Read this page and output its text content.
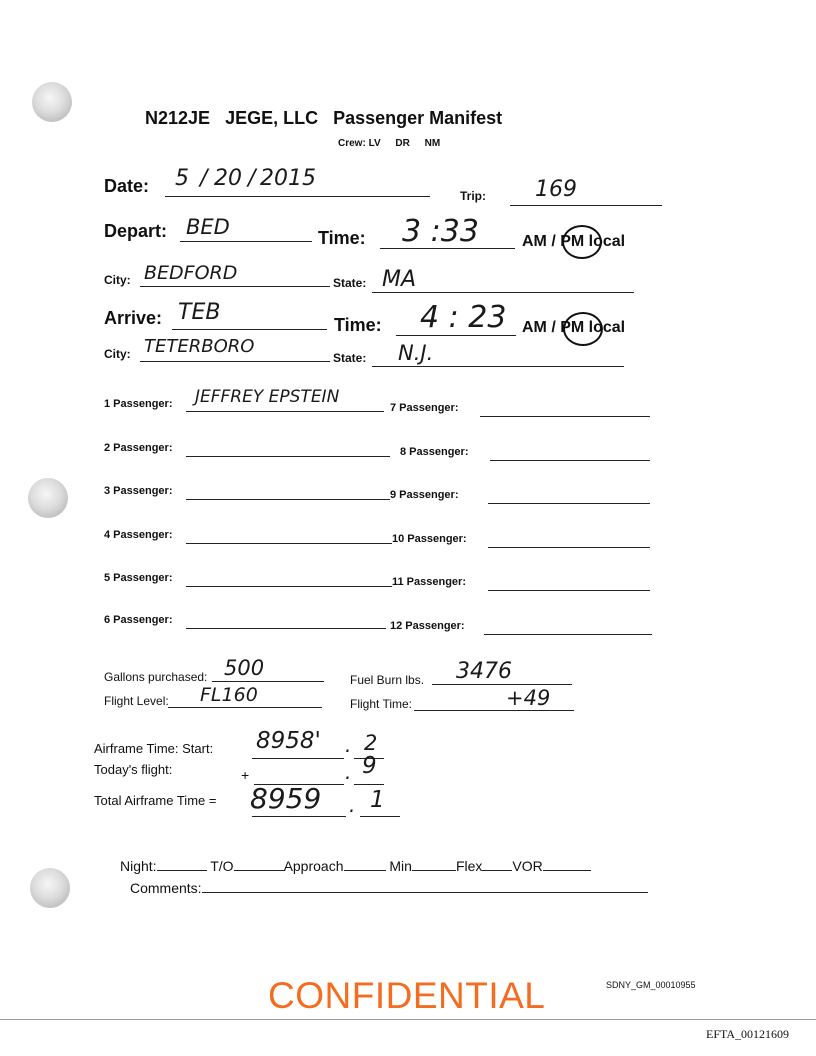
N212JE JEGE, LLC Passenger Manifest
Crew: LV DR NM
Date: 5 / 20 / 2015
Trip: 169
Depart: BED	Time: 3 :33	AM / PM local
City: BEDFORD	State: MA
Arrive: TEB	Time: 4 : 23 AM / PM local
City: TETERBORO
State: N.J.
1 Passenger: JEFFREY EPSTEIN
7 Passenger:
2 Passenger:	8 Passenger:
3 Passenger:	9 Passenger:
4 Passenger:	10 Passenger:
5 Passenger:	11 Passenger:
6 Passenger:	12 Passenger:
Gallons purchased: 500	Fuel Burn lbs. 3476
Flight Level: FL160	Flight Time:	+49
Airframe Time: Start: 8958' . 2
Today's flight:	+	. 9
Total Airframe Time = 8959 . 1
Night:	T/O	Approach	Min	Flex VOR
Comments:
SDNY_GM_00010955
CONFIDENTIAL
EFTA_00121609
